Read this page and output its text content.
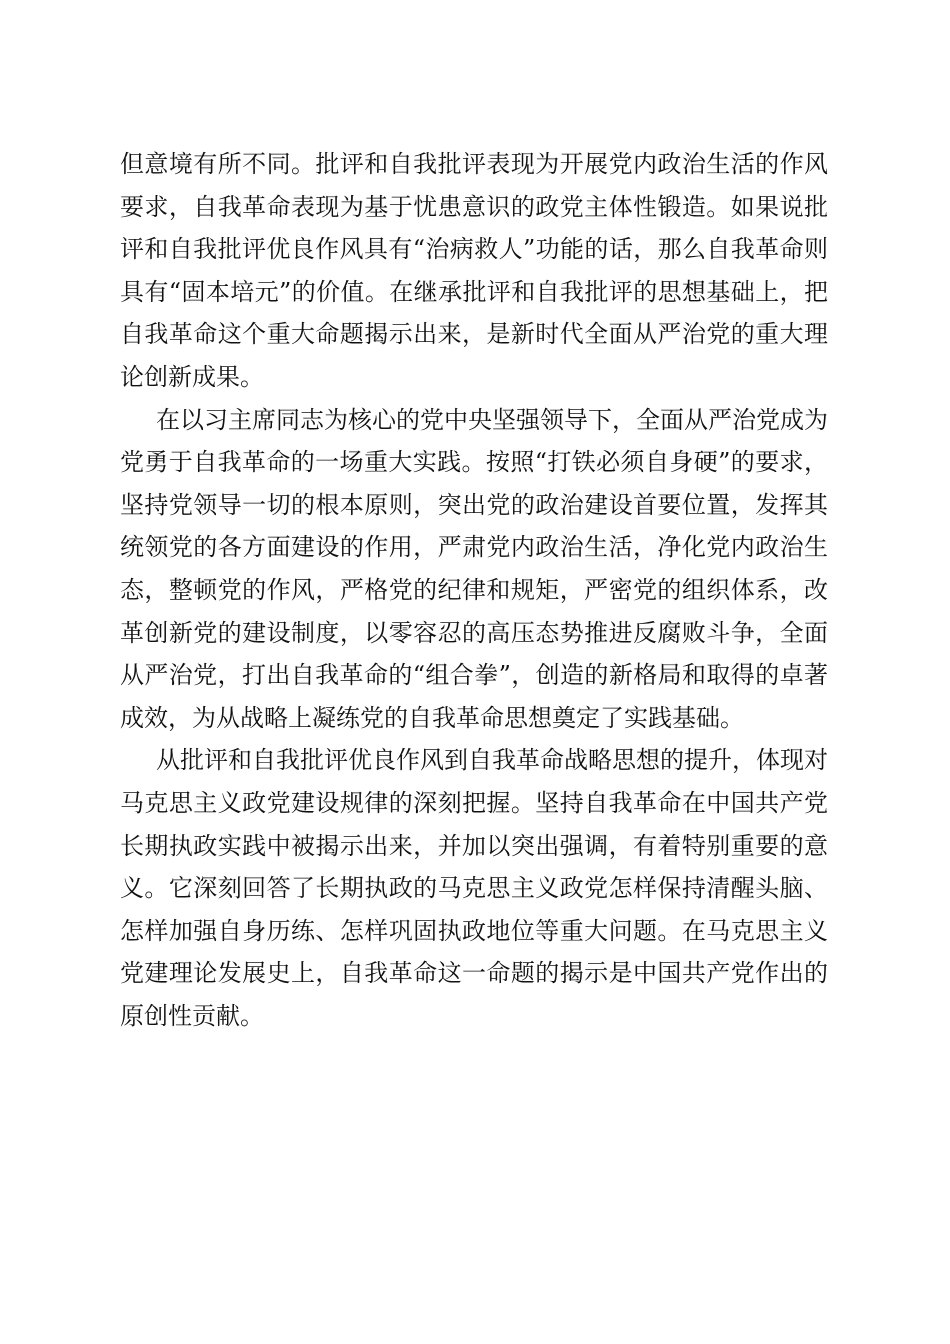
但意境有所不同。批评和自我批评表现为开展党内政治生活的作风要求，自我革命表现为基于忧患意识的政党主体性锻造。如果说批评和自我批评优良作风具有“治病救人”功能的话，那么自我革命则具有“固本培元”的价值。在继承批评和自我批评的思想基础上，把自我革命这个重大命题揭示出来，是新时代全面从严治党的重大理论创新成果。

在以习主席同志为核心的党中央坚强领导下，全面从严治党成为党勇于自我革命的一场重大实践。按照“打铁必须自身硬”的要求，坚持党领导一切的根本原则，突出党的政治建设首要位置，发挥其统领党的各方面建设的作用，严肃党内政治生活，净化党内政治生态，整顿党的作风，严格党的纪律和规矩，严密党的组织体系，改革创新党的建设制度，以零容忍的高压态势推进反腐败斗争，全面从严治党，打出自我革命的“组合拳”，创造的新格局和取得的卓著成效，为从战略上凝练党的自我革命思想奠定了实践基础。

从批评和自我批评优良作风到自我革命战略思想的提升，体现对马克思主义政党建设规律的深刻把握。坚持自我革命在中国共产党长期执政实践中被揭示出来，并加以突出强调，有着特别重要的意义。它深刻回答了长期执政的马克思主义政党怎样保持清醒头脑、怎样加强自身历练、怎样巩固执政地位等重大问题。在马克思主义党建理论发展史上，自我革命这一命题的揭示是中国共产党作出的原创性贡献。
